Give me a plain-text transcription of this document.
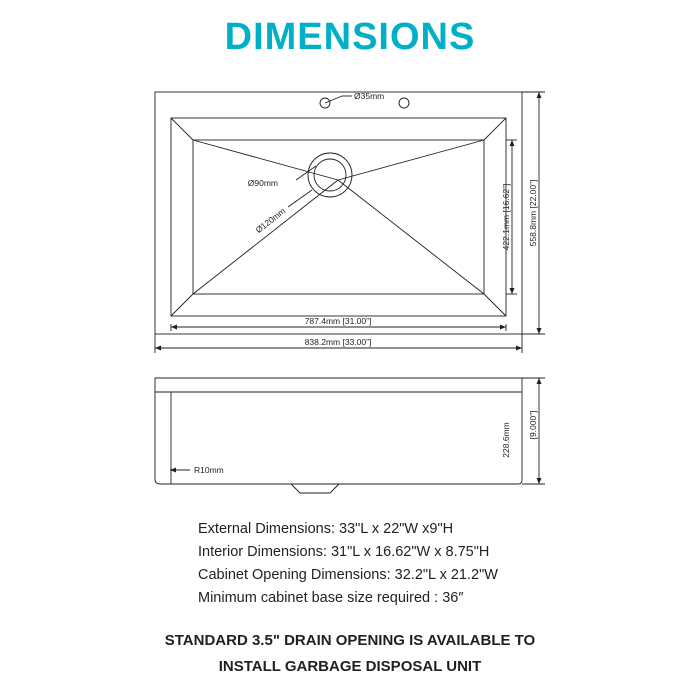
DIMENSIONS
Ø35mm
Ø90mm
Ø120mm
787.4mm [31.00”]
838.2mm [33.00”]
422.1mm [16.62”] 558.8mm [22.00”]
R10mm
228.6mm [9.000”]
External Dimensions: 33"L x 22"W x9"H
Interior Dimensions: 31"L x 16.62"W x 8.75"H
Cabinet Opening Dimensions: 32.2"L x 21.2"W
Minimum cabinet base size required : 36″
STANDARD 3.5" DRAIN OPENING IS AVAILABLE TO
INSTALL GARBAGE DISPOSAL UNIT
